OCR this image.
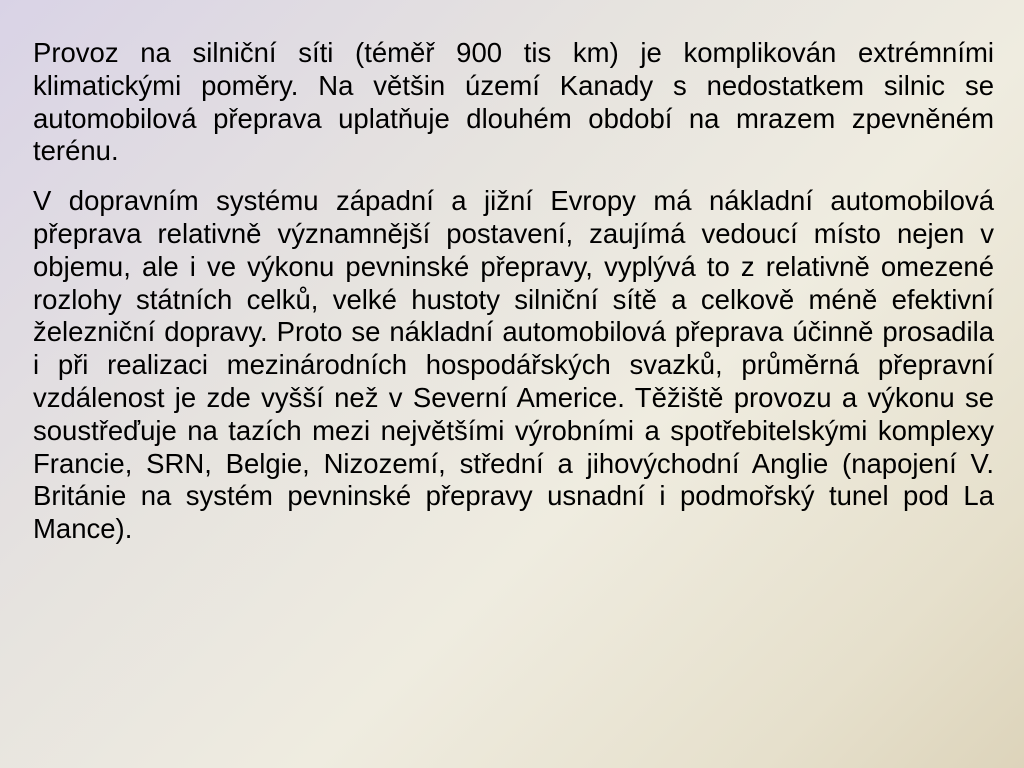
Provoz na silniční síti (téměř 900 tis km) je komplikován extrémními klimatickými poměry. Na většin území Kanady s nedostatkem silnic se automobilová přeprava uplatňuje dlouhém období na mrazem zpevněném terénu.

V dopravním systému západní a jižní Evropy má nákladní automobilová přeprava relativně významnější postavení, zaujímá vedoucí místo nejen v objemu, ale i ve výkonu pevninské přepravy, vyplývá to z relativně omezené rozlohy státních celků, velké hustoty silniční sítě a celkově méně efektivní železniční dopravy. Proto se nákladní automobilová přeprava účinně prosadila i při realizaci mezinárodních hospodářských svazků, průměrná přepravní vzdálenost je zde vyšší než v Severní Americe. Těžiště provozu a výkonu se soustřeďuje na tazích mezi největšími výrobními a spotřebitelskými komplexy Francie, SRN, Belgie, Nizozemí, střední a jihovýchodní Anglie (napojení V. Británie na systém pevninské přepravy usnadní i podmořský tunel pod La Mance).
